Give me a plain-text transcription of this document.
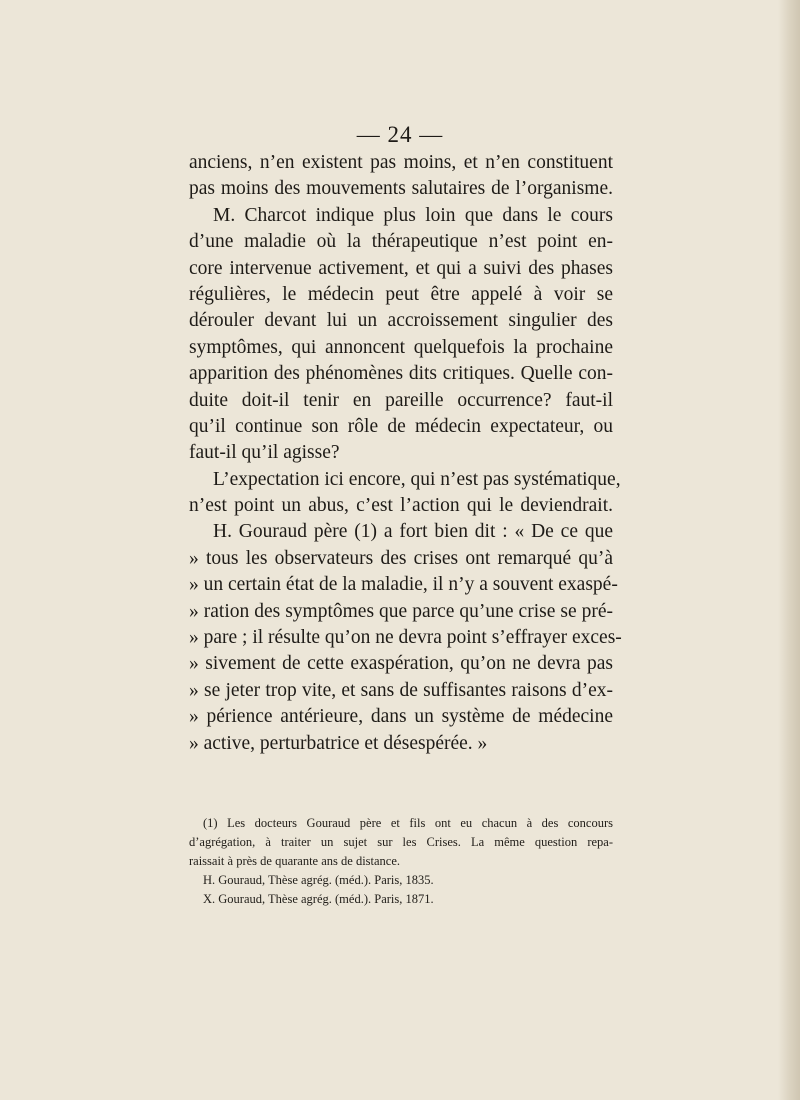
— 24 —
anciens, n’en existent pas moins, et n’en constituent
pas moins des mouvements salutaires de l’organisme.
M. Charcot indique plus loin que dans le cours
d’une maladie où la thérapeutique n’est point en-
core intervenue activement, et qui a suivi des phases
régulières, le médecin peut être appelé à voir se
dérouler devant lui un accroissement singulier des
symptômes, qui annoncent quelquefois la prochaine
apparition des phénomènes dits critiques. Quelle con-
duite doit-il tenir en pareille occurrence? faut-il
qu’il continue son rôle de médecin expectateur, ou
faut-il qu’il agisse?
L’expectation ici encore, qui n’est pas systématique,
n’est point un abus, c’est l’action qui le deviendrait.
H. Gouraud père (1) a fort bien dit : « De ce que
» tous les observateurs des crises ont remarqué qu’à
» un certain état de la maladie, il n’y a souvent exaspé-
» ration des symptômes que parce qu’une crise se pré-
» pare ; il résulte qu’on ne devra point s’effrayer exces-
» sivement de cette exaspération, qu’on ne devra pas
» se jeter trop vite, et sans de suffisantes raisons d’ex-
» périence antérieure, dans un système de médecine
» active, perturbatrice et désespérée. »
(1) Les docteurs Gouraud père et fils ont eu chacun à des concours
d’agrégation, à traiter un sujet sur les Crises. La même question repa-
raissait à près de quarante ans de distance.
H. Gouraud, Thèse agrég. (méd.). Paris, 1835.
X. Gouraud, Thèse agrég. (méd.). Paris, 1871.
